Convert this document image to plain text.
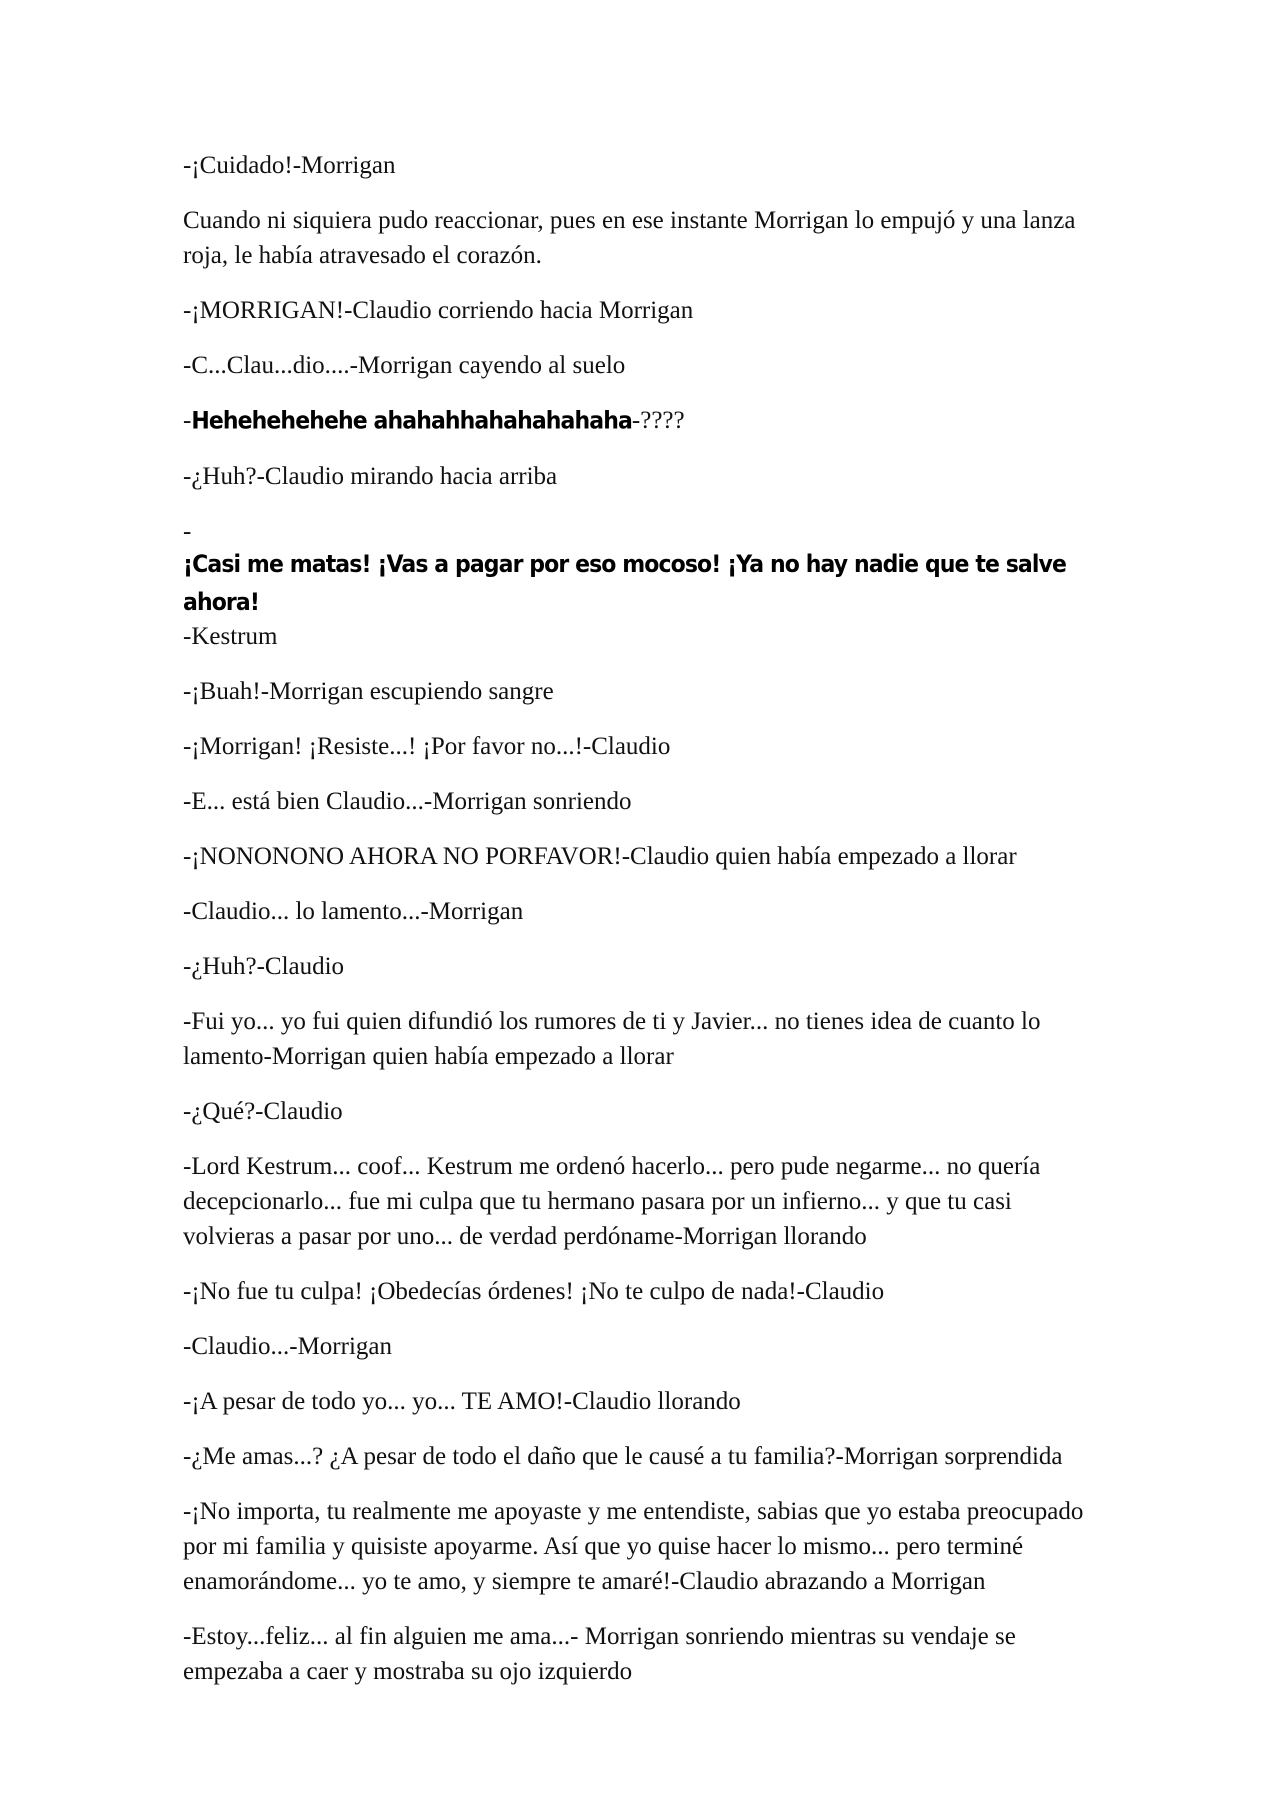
-¡Cuidado!-Morrigan

Cuando ni siquiera pudo reaccionar, pues en ese instante Morrigan lo empujó y una lanza roja, le había atravesado el corazón.

-¡MORRIGAN!-Claudio corriendo hacia Morrigan

-C...Clau...dio....-Morrigan cayendo al suelo

-Hehehehehehe ahahahhahahahahaha-????

-¿Huh?-Claudio mirando hacia arriba

-¡Casi me matas! ¡Vas a pagar por eso mocoso! ¡Ya no hay nadie que te salve ahora!-Kestrum

-¡Buah!-Morrigan escupiendo sangre

-¡Morrigan! ¡Resiste...! ¡Por favor no...!-Claudio

-E... está bien Claudio...-Morrigan sonriendo

-¡NONONONO AHORA NO PORFAVOR!-Claudio quien había empezado a llorar

-Claudio... lo lamento...-Morrigan

-¿Huh?-Claudio

-Fui yo... yo fui quien difundió los rumores de ti y Javier... no tienes idea de cuanto lo lamento-Morrigan quien había empezado a llorar

-¿Qué?-Claudio

-Lord Kestrum... coof... Kestrum me ordenó hacerlo... pero pude negarme... no quería decepcionarlo... fue mi culpa que tu hermano pasara por un infierno... y que tu casi volvieras a pasar por uno... de verdad perdóname-Morrigan llorando

-¡No fue tu culpa! ¡Obedecías órdenes! ¡No te culpo de nada!-Claudio

-Claudio...-Morrigan

-¡A pesar de todo yo... yo... TE AMO!-Claudio llorando

-¿Me amas...? ¿A pesar de todo el daño que le causé a tu familia?-Morrigan sorprendida

-¡No importa, tu realmente me apoyaste y me entendiste, sabias que yo estaba preocupado por mi familia y quisiste apoyarme. Así que yo quise hacer lo mismo... pero terminé enamorándome... yo te amo, y siempre te amaré!-Claudio abrazando a Morrigan

-Estoy...feliz... al fin alguien me ama...- Morrigan sonriendo mientras su vendaje se empezaba a caer y mostraba su ojo izquierdo
